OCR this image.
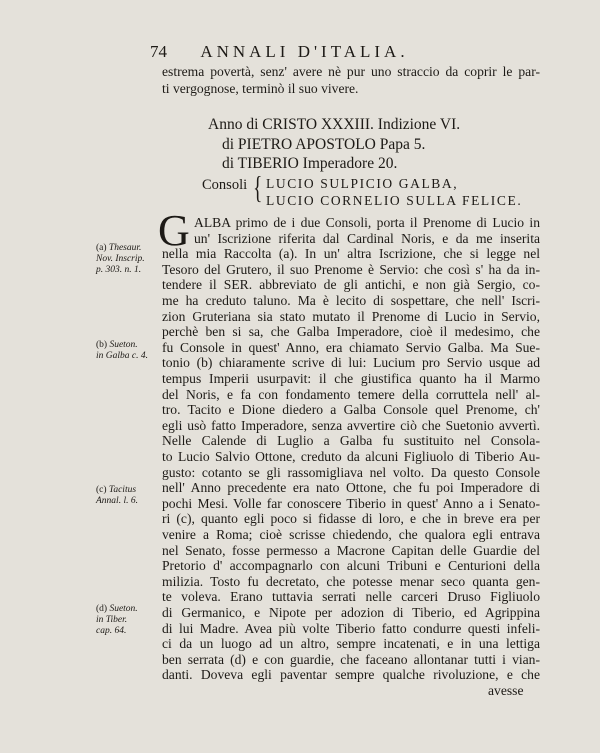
74 ANNALI D'ITALIA.
estrema povertà, senz' avere nè pur uno straccio da coprir le par-
ti vergognose, terminò il suo vivere.
Anno di CRISTO XXXIII. Indizione VI.
di PIETRO APOSTOLO Papa 5.
di TIBERIO Imperadore 20.
Consoli { LUCIO SULPICIO GALBA,
LUCIO CORNELIO SULLA FELICE.
G ALBA primo de i due Consoli, porta il Prenome di Lucio in
un' Iscrizione riferita dal Cardinal Noris, e da me inserita
nella mia Raccolta (a). In un' altra Iscrizione, che si legge nel
Tesoro del Grutero, il suo Prenome è Servio: che così s' ha da in-
tendere il SER. abbreviato de gli antichi, e non già Sergio, co-
me ha creduto taluno. Ma è lecito di sospettare, che nell' Iscri-
zion Gruteriana sia stato mutato il Prenome di Lucio in Servio,
perchè ben si sa, che Galba Imperadore, cioè il medesimo, che
fu Console in quest' Anno, era chiamato Servio Galba. Ma Sue-
tonio (b) chiaramente scrive di lui: Lucium pro Servio usque ad
tempus Imperii usurpavit: il che giustifica quanto ha il Marmo
del Noris, e fa con fondamento temere della corruttela nell' al-
tro. Tacito e Dione diedero a Galba Console quel Prenome, ch'
egli usò fatto Imperadore, senza avvertire ciò che Suetonio avvertì.
Nelle Calende di Luglio a Galba fu sustituito nel Consola-
to Lucio Salvio Ottone, creduto da alcuni Figliuolo di Tiberio Au-
gusto: cotanto se gli rassomigliava nel volto. Da questo Console
nell' Anno precedente era nato Ottone, che fu poi Imperadore di
pochi Mesi. Volle far conoscere Tiberio in quest' Anno a i Senato-
ri (c), quanto egli poco si fidasse di loro, e che in breve era per
venire a Roma; cioè scrisse chiedendo, che qualora egli entrava
nel Senato, fosse permesso a Macrone Capitan delle Guardie del
Pretorio d' accompagnarlo con alcuni Tribuni e Centurioni della
milizia. Tosto fu decretato, che potesse menar seco quanta gen-
te voleva. Erano tuttavia serrati nelle carceri Druso Figliuolo
di Germanico, e Nipote per adozion di Tiberio, ed Agrippina
di lui Madre. Avea più volte Tiberio fatto condurre questi infeli-
ci da un luogo ad un altro, sempre incatenati, e in una lettiga
ben serrata (d) e con guardie, che faceano allontanar tutti i vian-
danti. Doveva egli paventar sempre qualche rivoluzione, e che
avesse
(a) Thesaur.
Nov. Inscrip.
p. 303. n. 1.
(b) Sueton.
in Galba c. 4.
(c) Tacitus
Annal. l. 6.
(d) Sueton.
in Tiber.
cap. 64.
